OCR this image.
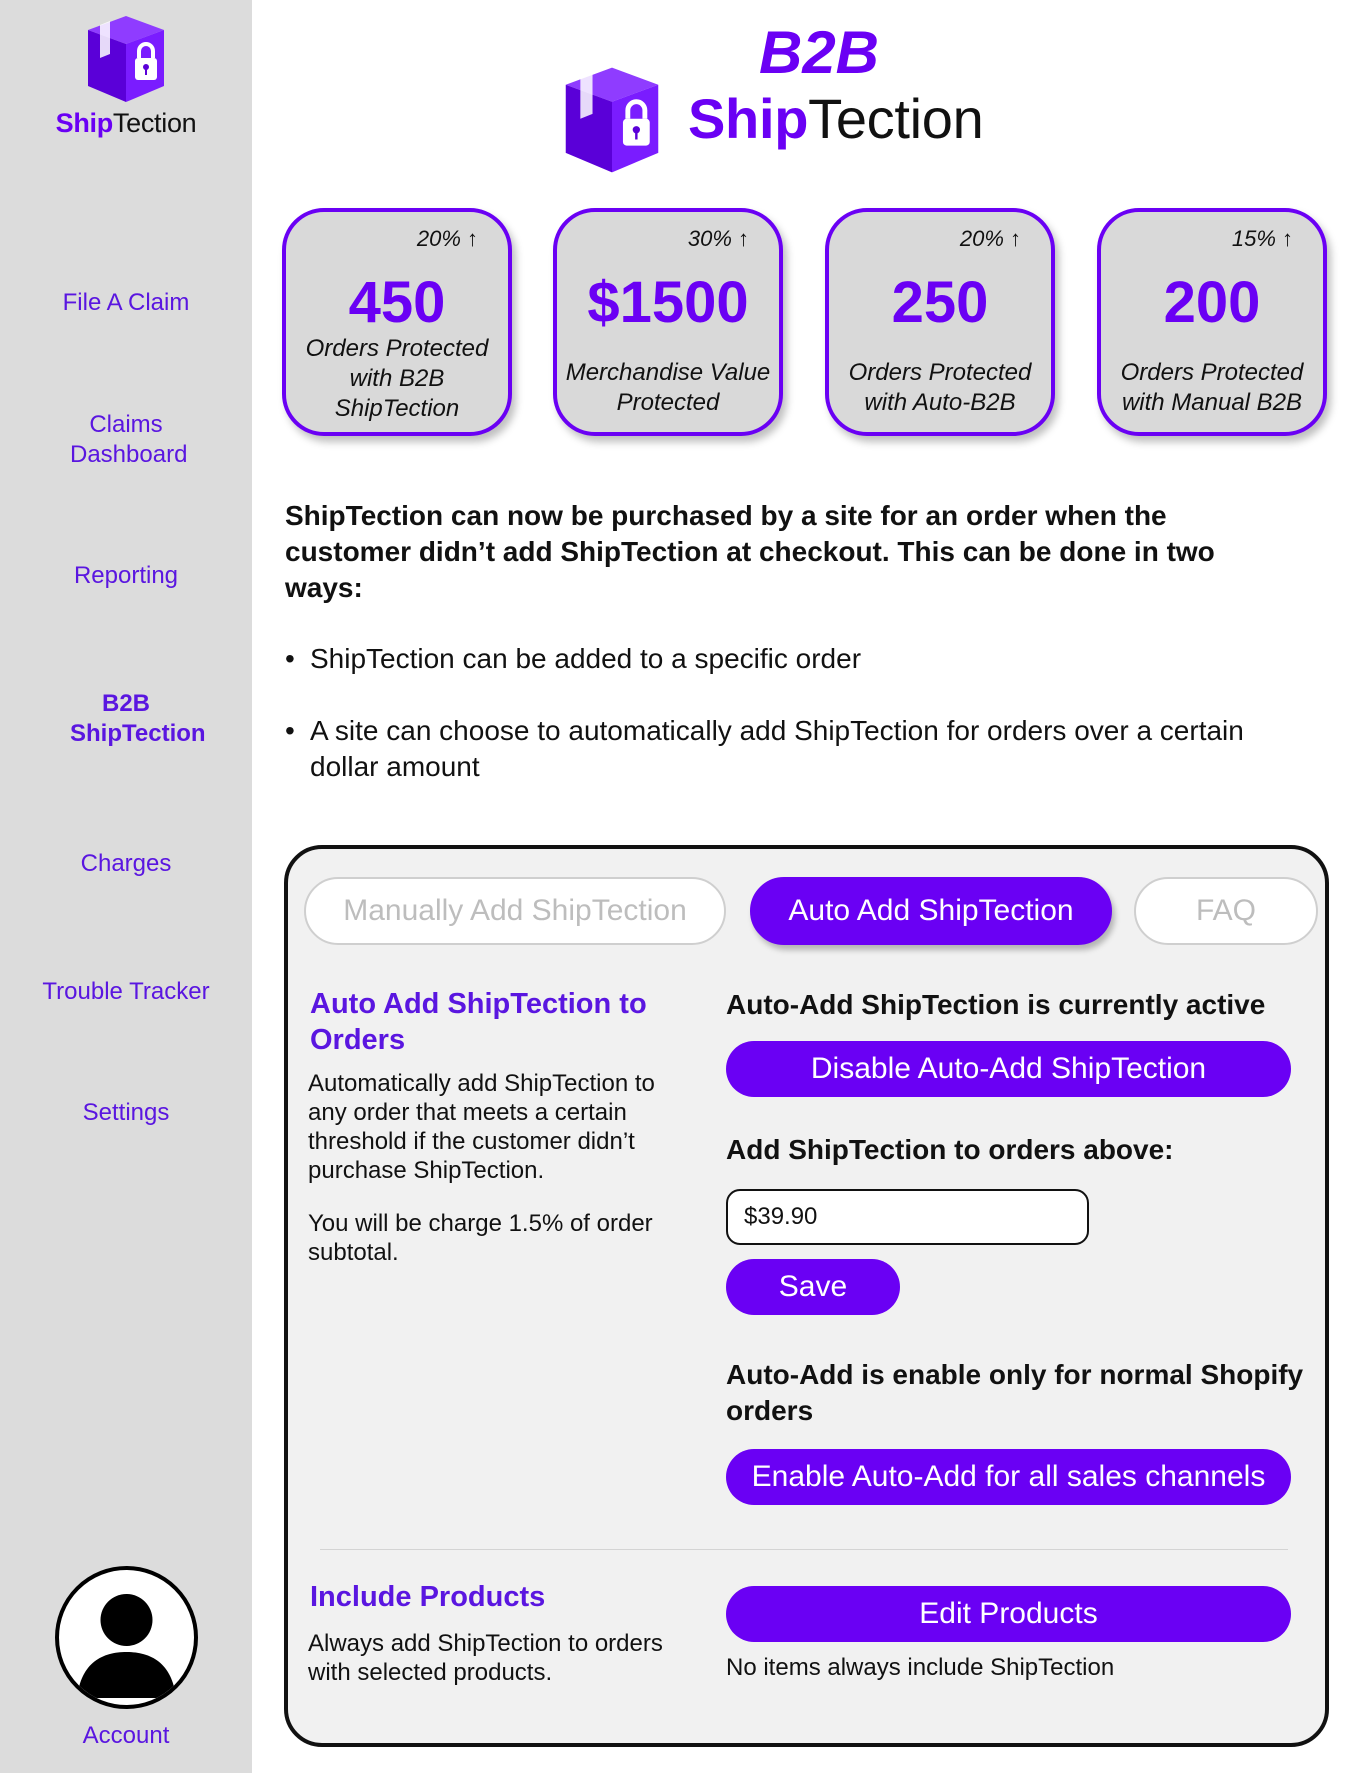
ShipTection
File A Claim
Claims Dashboard
Reporting
B2B ShipTection
Charges
Trouble Tracker
Settings
Account
B2B
ShipTection
20% ↑
450
Orders Protected with B2B ShipTection
30% ↑
$1500
Merchandise Value Protected
20% ↑
250
Orders Protected with Auto-B2B
15% ↑
200
Orders Protected with Manual B2B

ShipTection can now be purchased by a site for an order when the customer didn’t add ShipTection at checkout. This can be done in two ways:

• ShipTection can be added to a specific order
• A site can choose to automatically add ShipTection for orders over a certain dollar amount
Manually Add ShipTection	Auto Add ShipTection	FAQ
Auto Add ShipTection to Orders

Automatically add ShipTection to any order that meets a certain threshold if the customer didn’t purchase ShipTection.

You will be charge 1.5% of order subtotal.

Auto-Add ShipTection is currently active
Disable Auto-Add ShipTection
Add ShipTection to orders above:
$39.90
Save
Auto-Add is enable only for normal Shopify orders
Enable Auto-Add for all sales channels
Include Products

Always add ShipTection to orders with selected products.

Edit Products
No items always include ShipTection
